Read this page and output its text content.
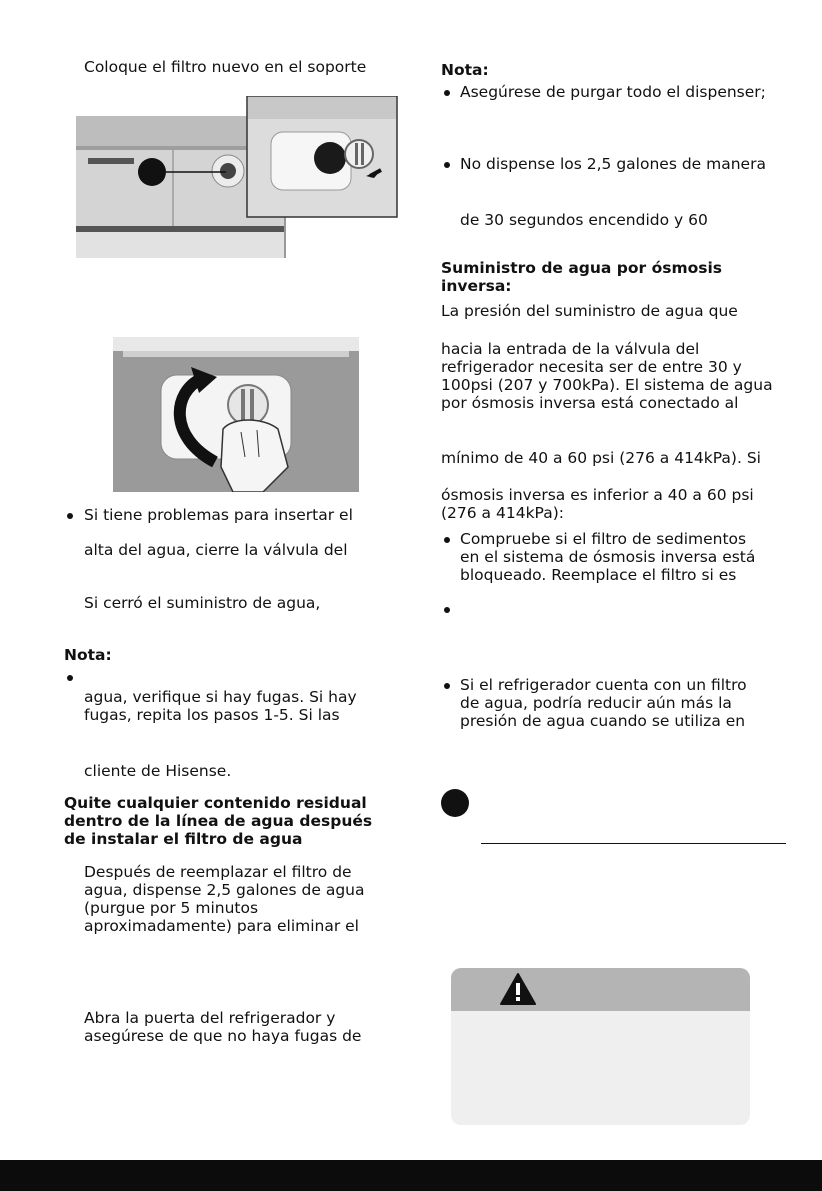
Coloque el filtro nuevo en el soporte
Si tiene problemas para insertar el
alta del agua, cierre la válvula del
Si cerró el suministro de agua,
Nota:
agua, verifique si hay fugas. Si hay
fugas, repita los pasos 1-5. Si las
cliente de Hisense.
Quite cualquier contenido residual
dentro de la línea de agua después
de instalar el filtro de agua
Después de reemplazar el filtro de
agua, dispense 2,5 galones de agua
(purgue por 5 minutos
aproximadamente) para eliminar el
Abra la puerta del refrigerador y
asegúrese de que no haya fugas de
Nota:
Asegúrese de purgar todo el dispenser;
No dispense los 2,5 galones de manera
de 30 segundos encendido y 60
Suministro de agua por ósmosis
inversa:
La presión del suministro de agua que
hacia la entrada de la válvula del
refrigerador necesita ser de entre 30 y
100psi (207 y 700kPa). El sistema de agua
por ósmosis inversa está conectado al
mínimo de 40 a 60 psi (276 a 414kPa). Si
ósmosis inversa es inferior a 40 a 60 psi
(276 a 414kPa):
Compruebe si el filtro de sedimentos
en el sistema de ósmosis inversa está
bloqueado. Reemplace el filtro si es
Si el refrigerador cuenta con un filtro
de agua, podría reducir aún más la
presión de agua cuando se utiliza en
